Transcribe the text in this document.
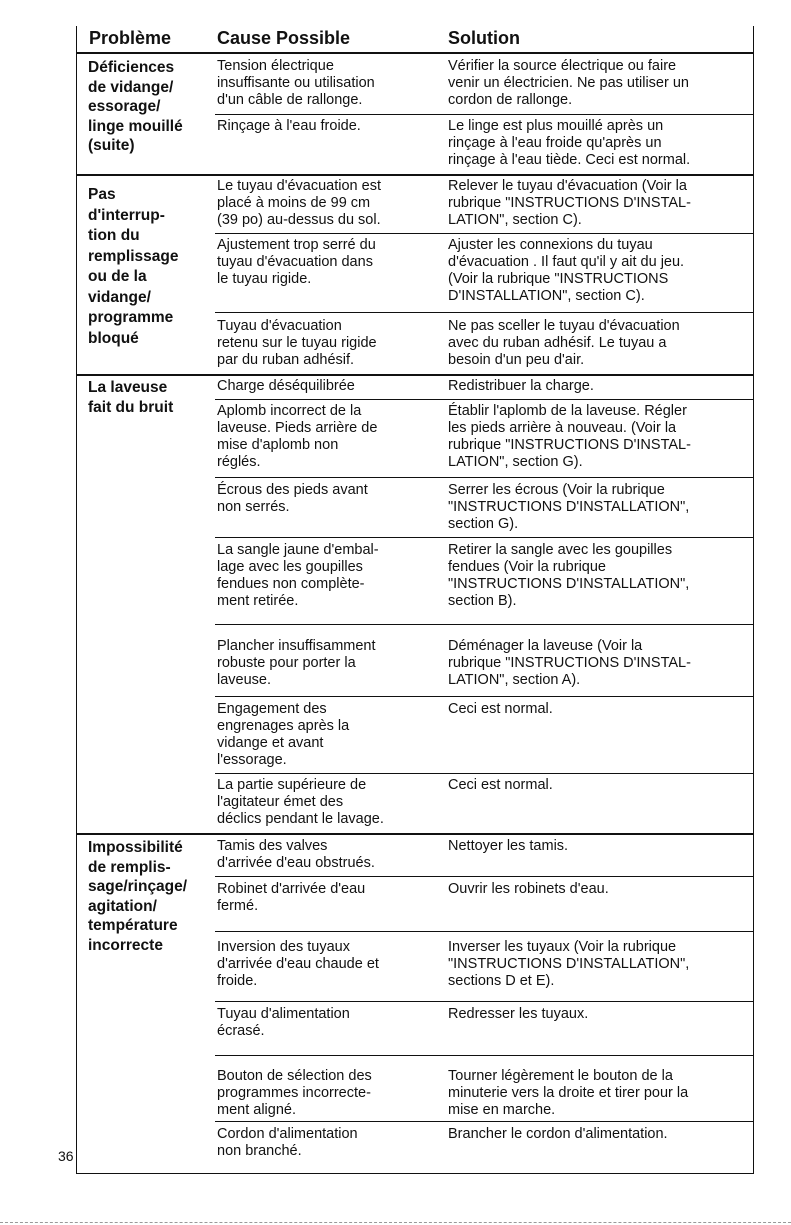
Problème	Cause Possible	Solution
Déficiences
de vidange/
essorage/
linge mouillé
(suite)
Pas
d'interrup-
tion du
remplissage
ou de la
vidange/
programme
bloqué
La laveuse
fait du bruit
Impossibilité
de remplis-
sage/rinçage/
agitation/
température
incorrecte
Tension électrique
insuffisante ou utilisation
d'un câble de rallonge.
Rinçage à l'eau froide.
Le tuyau d'évacuation est
placé à moins de 99 cm
(39 po) au-dessus du sol.
Ajustement trop serré du
tuyau d'évacuation dans
le tuyau rigide.
Tuyau d'évacuation
retenu sur le tuyau rigide
par du ruban adhésif.
Charge déséquilibrée
Aplomb incorrect de la
laveuse. Pieds arrière de
mise d'aplomb non
réglés.
Écrous des pieds avant
non serrés.
La sangle jaune d'embal-
lage avec les goupilles
fendues non complète-
ment retirée.
Plancher insuffisamment
robuste pour porter la
laveuse.
Engagement des
engrenages après la
vidange et avant
l'essorage.
La partie supérieure de
l'agitateur émet des
déclics pendant le lavage.
Tamis des valves
d'arrivée d'eau obstrués.
Robinet d'arrivée d'eau
fermé.
Inversion des tuyaux
d'arrivée d'eau chaude et
froide.
Tuyau d'alimentation
écrasé.
Bouton de sélection des
programmes incorrecte-
ment aligné.
Cordon d'alimentation
non branché.
Vérifier la source électrique ou faire
venir un électricien. Ne pas utiliser un
cordon de rallonge.
Le linge est plus mouillé après un
rinçage à l'eau froide qu'après un
rinçage à l'eau tiède. Ceci est normal.
Relever le tuyau d'évacuation (Voir la
rubrique "INSTRUCTIONS D'INSTAL-
LATION", section C).
Ajuster les connexions du tuyau
d'évacuation . Il faut qu'il y ait du jeu.
(Voir la rubrique "INSTRUCTIONS
D'INSTALLATION", section C).
Ne pas sceller le tuyau d'évacuation
avec du ruban adhésif. Le tuyau a
besoin d'un peu d'air.
Redistribuer la charge.
Établir l'aplomb de la laveuse. Régler
les pieds arrière à nouveau. (Voir la
rubrique "INSTRUCTIONS D'INSTAL-
LATION", section G).
Serrer les écrous (Voir la rubrique
"INSTRUCTIONS D'INSTALLATION",
section G).
Retirer la sangle avec les goupilles
fendues (Voir la rubrique
"INSTRUCTIONS D'INSTALLATION",
section B).
Déménager la laveuse (Voir la
rubrique "INSTRUCTIONS D'INSTAL-
LATION", section A).
Ceci est normal.
Ceci est normal.
Nettoyer les tamis.
Ouvrir les robinets d'eau.
Inverser les tuyaux (Voir la rubrique
"INSTRUCTIONS D'INSTALLATION",
sections D et E).
Redresser les tuyaux.
Tourner légèrement le bouton de la
minuterie vers la droite et tirer pour la
mise en marche.
Brancher le cordon d'alimentation.
36
